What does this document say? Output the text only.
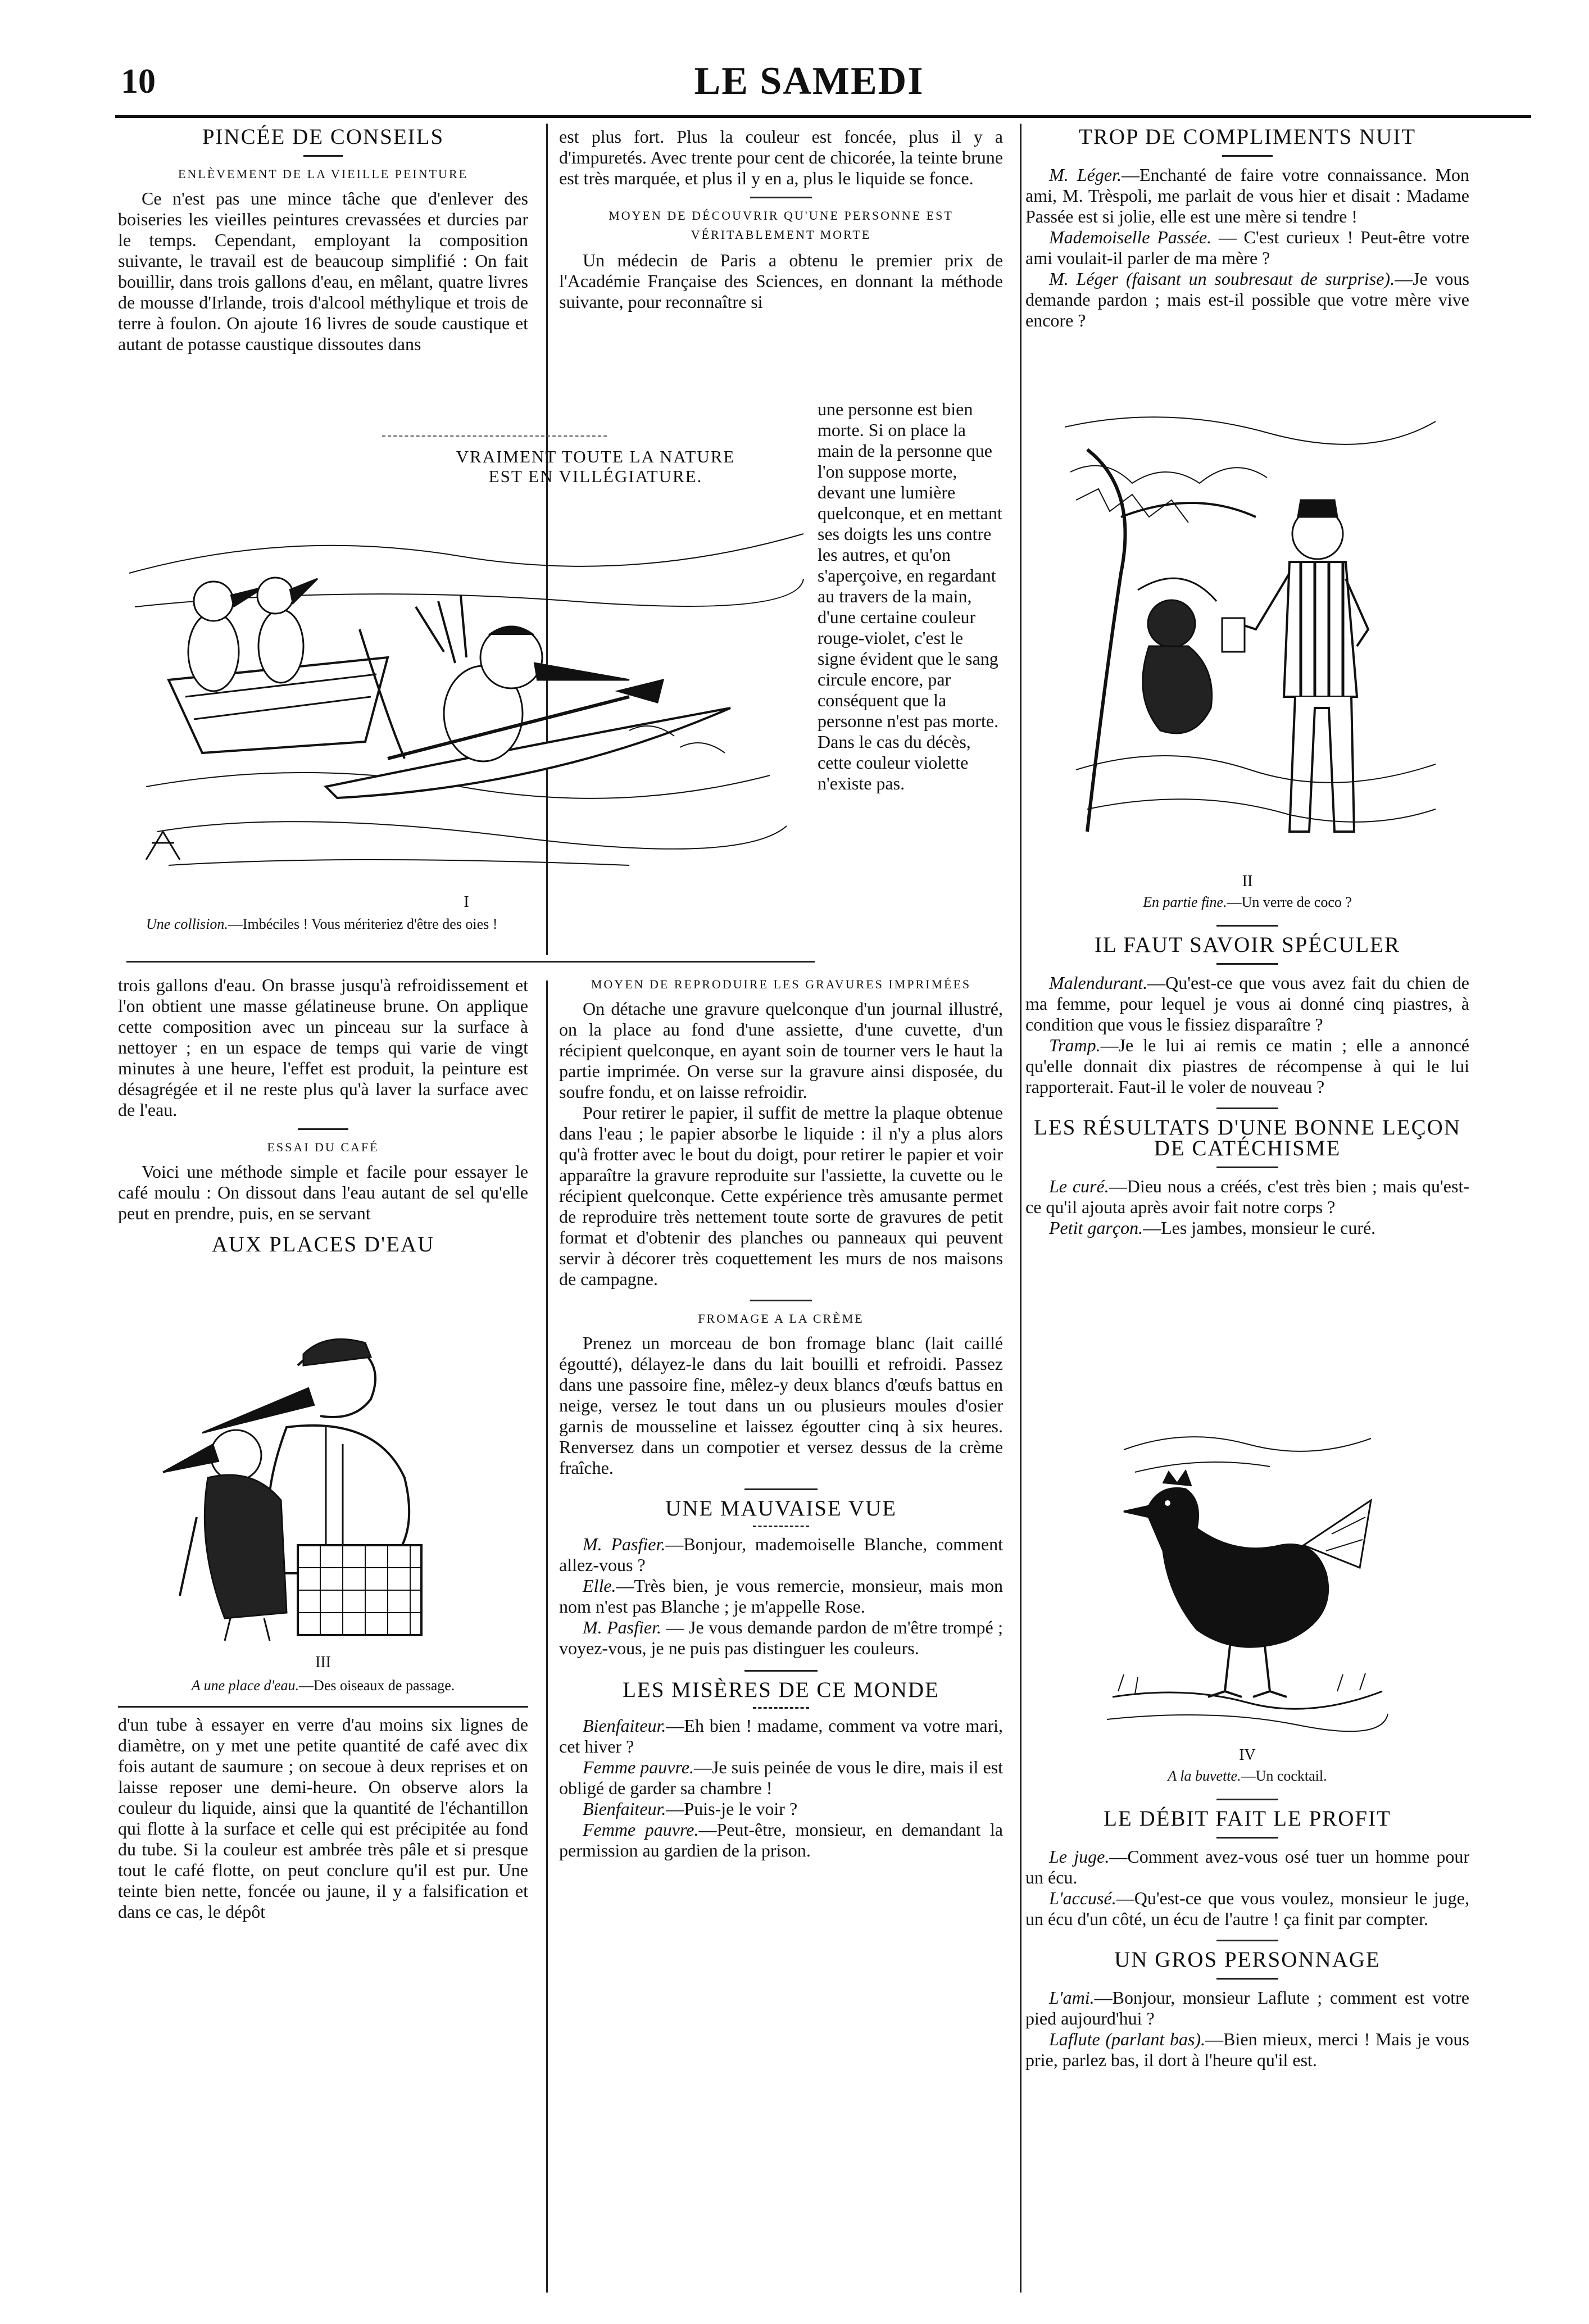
10	LE SAMEDI
PINCÉE DE CONSEILS
ENLÈVEMENT DE LA VIEILLE PEINTURE

Ce n'est pas une mince tâche que d'enlever des boiseries les vieilles peintures crevassées et durcies par le temps. Cependant, employant la composition suivante, le travail est de beaucoup simplifié : On fait bouillir, dans trois gallons d'eau, en mêlant, quatre livres de mousse d'Irlande, trois d'alcool méthylique et trois de terre à foulon. On ajoute 16 livres de soude caustique et autant de potasse caustique dissoutes dans

VRAIMENT TOUTE LA NATURE
EST EN VILLÉGIATURE.
I
Une collision.—Imbéciles ! Vous mériteriez d'être des oies !

trois gallons d'eau. On brasse jusqu'à refroidissement et l'on obtient une masse gélatineuse brune. On applique cette composition avec un pinceau sur la surface à nettoyer ; en un espace de temps qui varie de vingt minutes à une heure, l'effet est produit, la peinture est désagrégée et il ne reste plus qu'à laver la surface avec de l'eau.

ESSAI DU CAFÉ

Voici une méthode simple et facile pour essayer le café moulu : On dissout dans l'eau autant de sel qu'elle peut en prendre, puis, en se servant

AUX PLACES D'EAU
III
A une place d'eau.—Des oiseaux de passage.

d'un tube à essayer en verre d'au moins six lignes de diamètre, on y met une petite quantité de café avec dix fois autant de saumure ; on secoue à deux reprises et on laisse reposer une demi-heure. On observe alors la couleur du liquide, ainsi que la quantité de l'échantillon qui flotte à la surface et celle qui est précipitée au fond du tube. Si la couleur est ambrée très pâle et si presque tout le café flotte, on peut conclure qu'il est pur. Une teinte bien nette, foncée ou jaune, il y a falsification et dans ce cas, le dépôt

est plus fort. Plus la couleur est foncée, plus il y a d'impuretés. Avec trente pour cent de chicorée, la teinte brune est très marquée, et plus il y en a, plus le liquide se fonce.

MOYEN DE DÉCOUVRIR QU'UNE PERSONNE EST VÉRITABLEMENT MORTE

Un médecin de Paris a obtenu le premier prix de l'Académie Française des Sciences, en donnant la méthode suivante, pour reconnaître si

une personne est bien morte. Si on place la main de la personne que l'on suppose morte, devant une lumière quelconque, et en mettant ses doigts les uns contre les autres, et qu'on s'aperçoive, en regardant au travers de la main, d'une certaine couleur rouge-violet, c'est le signe évident que le sang circule encore, par conséquent que la personne n'est pas morte. Dans le cas du décès, cette couleur violette n'existe pas.

MOYEN DE REPRODUIRE LES GRAVURES IMPRIMÉES

On détache une gravure quelconque d'un journal illustré, on la place au fond d'une assiette, d'une cuvette, d'un récipient quelconque, en ayant soin de tourner vers le haut la partie imprimée. On verse sur la gravure ainsi disposée, du soufre fondu, et on laisse refroidir.

Pour retirer le papier, il suffit de mettre la plaque obtenue dans l'eau ; le papier absorbe le liquide : il n'y a plus alors qu'à frotter avec le bout du doigt, pour retirer le papier et voir apparaître la gravure reproduite sur l'assiette, la cuvette ou le récipient quelconque. Cette expérience très amusante permet de reproduire très nettement toute sorte de gravures de petit format et d'obtenir des planches ou panneaux qui peuvent servir à décorer très coquettement les murs de nos maisons de campagne.

FROMAGE A LA CRÈME

Prenez un morceau de bon fromage blanc (lait caillé égoutté), délayez-le dans du lait bouilli et refroidi. Passez dans une passoire fine, mêlez-y deux blancs d'œufs battus en neige, versez le tout dans un ou plusieurs moules d'osier garnis de mousseline et laissez égoutter cinq à six heures. Renversez dans un compotier et versez dessus de la crème fraîche.

UNE MAUVAISE VUE

M. Pasfier.—Bonjour, mademoiselle Blanche, comment allez-vous ?

Elle.—Très bien, je vous remercie, monsieur, mais mon nom n'est pas Blanche ; je m'appelle Rose.

M. Pasfier. — Je vous demande pardon de m'être trompé ; voyez-vous, je ne puis pas distinguer les couleurs.

LES MISÈRES DE CE MONDE

Bienfaiteur.—Eh bien ! madame, comment va votre mari, cet hiver ?

Femme pauvre.—Je suis peinée de vous le dire, mais il est obligé de garder sa chambre !

Bienfaiteur.—Puis-je le voir ?

Femme pauvre.—Peut-être, monsieur, en demandant la permission au gardien de la prison.

TROP DE COMPLIMENTS NUIT

M. Léger.—Enchanté de faire votre connaissance. Mon ami, M. Trèspoli, me parlait de vous hier et disait : Madame Passée est si jolie, elle est une mère si tendre !

Mademoiselle Passée. — C'est curieux ! Peut-être votre ami voulait-il parler de ma mère ?

M. Léger (faisant un soubresaut de surprise).—Je vous demande pardon ; mais est-il possible que votre mère vive encore ?

II
En partie fine.—Un verre de coco ?
IL FAUT SAVOIR SPÉCULER

Malendurant.—Qu'est-ce que vous avez fait du chien de ma femme, pour lequel je vous ai donné cinq piastres, à condition que vous le fissiez disparaître ?

Tramp.—Je le lui ai remis ce matin ; elle a annoncé qu'elle donnait dix piastres de récompense à qui le lui rapporterait. Faut-il le voler de nouveau ?

LES RÉSULTATS D'UNE BONNE LEÇON
DE CATÉCHISME

Le curé.—Dieu nous a créés, c'est très bien ; mais qu'est-ce qu'il ajouta après avoir fait notre corps ?

Petit garçon.—Les jambes, monsieur le curé.

IV
A la buvette.—Un cocktail.
LE DÉBIT FAIT LE PROFIT

Le juge.—Comment avez-vous osé tuer un homme pour un écu.

L'accusé.—Qu'est-ce que vous voulez, monsieur le juge, un écu d'un côté, un écu de l'autre ! ça finit par compter.

UN GROS PERSONNAGE

L'ami.—Bonjour, monsieur Laflute ; comment est votre pied aujourd'hui ?

Laflute (parlant bas).—Bien mieux, merci ! Mais je vous prie, parlez bas, il dort à l'heure qu'il est.
